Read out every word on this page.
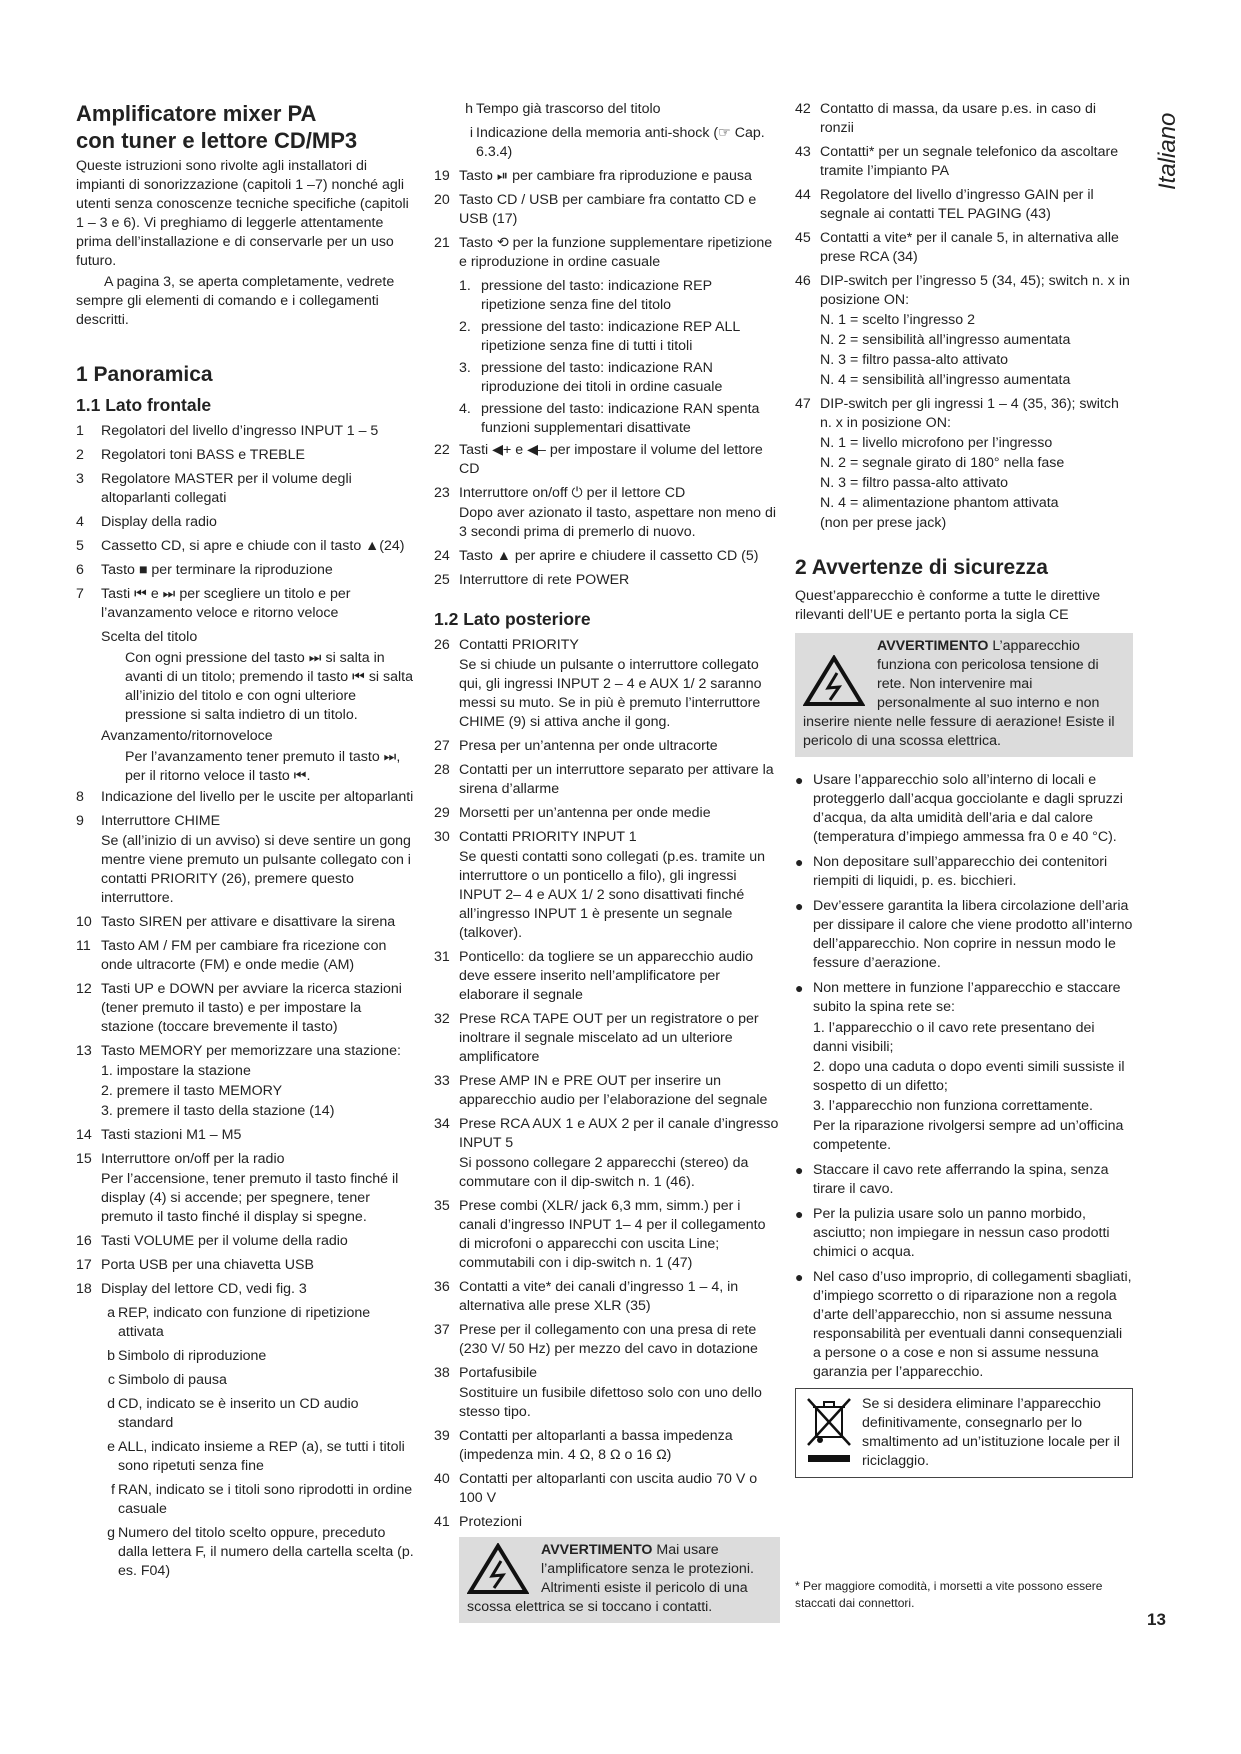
Italiano

Amplificatore mixer PA

con tuner e lettore CD/MP3

Queste istruzioni sono rivolte agli installatori di impianti di sonorizzazione (capitoli 1 –7) nonché agli utenti senza conoscenze tecniche specifiche (capitoli 1 – 3 e 6). Vi preghiamo di leggerle attentamente prima dell’installazione e di conservarle per un uso futuro.

A pagina 3, se aperta completamente, vedrete sempre gli elementi di comando e i collegamenti descritti.

1 Panoramica

1.1 Lato frontale

1	Regolatori del livello d’ingresso INPUT 1 – 5
2	Regolatori toni BASS e TREBLE
3	Regolatore MASTER per il volume degli altoparlanti collegati
4	Display della radio
5	Cassetto CD, si apre e chiude con il tasto ▲(24)
6	Tasto ■ per terminare la riproduzione
7	Tasti ⏮ e ⏭ per scegliere un titolo e per l’avanzamento veloce e ritorno veloce

Scelta del titolo

Con ogni pressione del tasto ⏭ si salta in avanti di un titolo; premendo il tasto ⏮ si salta all’inizio del titolo e con ogni ulteriore pressione si salta indietro di un titolo.

Avanzamento/ritornoveloce

Per l’avanzamento tener premuto il tasto ⏭, per il ritorno veloce il tasto ⏮.

8	Indicazione del livello per le uscite per altoparlanti
9	Interruttore CHIME

Se (all’inizio di un avviso) si deve sentire un gong mentre viene premuto un pulsante collegato con i contatti PRIORITY (26), premere questo interruttore.

10 Tasto SIREN per attivare e disattivare la sirena
11 Tasto AM / FM per cambiare fra ricezione con onde ultracorte (FM) e onde medie (AM)
12 Tasti UP e DOWN per avviare la ricerca stazioni (tener premuto il tasto) e per impostare la stazione (toccare brevemente il tasto)
13 Tasto MEMORY per memorizzare una stazione:

1. impostare la stazione

2. premere il tasto MEMORY

3. premere il tasto della stazione (14)

14 Tasti stazioni M1 – M5
15 Interruttore on/off per la radio

Per l’accensione, tener premuto il tasto finché il display (4) si accende; per spegnere, tener premuto il tasto finché il display si spegne.

16 Tasti VOLUME per il volume della radio
17 Porta USB per una chiavetta USB
18 Display del lettore CD, vedi fig. 3
a REP, indicato con funzione di ripetizione attivata
b Simbolo di riproduzione
c Simbolo di pausa
d CD, indicato se è inserito un CD audio standard
e ALL, indicato insieme a REP (a), se tutti i titoli sono ripetuti senza fine
f RAN, indicato se i titoli sono riprodotti in ordine casuale
g Numero del titolo scelto oppure, preceduto dalla lettera F, il numero della cartella scelta (p. es. F04)
h Tempo già trascorso del titolo
i Indicazione della memoria anti-shock (☞ Cap. 6.3.4)
19 Tasto ⏯ per cambiare fra riproduzione e pausa
20 Tasto CD / USB per cambiare fra contatto CD e USB (17)
21 Tasto ⟲ per la funzione supplementare ripetizione e riproduzione in ordine casuale
1. pressione del tasto: indicazione REP ripetizione senza fine del titolo
2. pressione del tasto: indicazione REP ALL ripetizione senza fine di tutti i titoli
3. pressione del tasto: indicazione RAN riproduzione dei titoli in ordine casuale
4. pressione del tasto: indicazione RAN spenta funzioni supplementari disattivate
22 Tasti ◀+ e ◀– per impostare il volume del lettore CD
23 Interruttore on/off ⏻ per il lettore CD

Dopo aver azionato il tasto, aspettare non meno di 3 secondi prima di premerlo di nuovo.

24 Tasto ▲ per aprire e chiudere il cassetto CD (5)
25 Interruttore di rete POWER

1.2 Lato posteriore

26 Contatti PRIORITY

Se si chiude un pulsante o interruttore collegato qui, gli ingressi INPUT 2 – 4 e AUX 1/ 2 saranno messi su muto. Se in più è premuto l’interruttore CHIME (9) si attiva anche il gong.

27 Presa per un’antenna per onde ultracorte
28 Contatti per un interruttore separato per attivare la sirena d’allarme
29 Morsetti per un’antenna per onde medie
30 Contatti PRIORITY INPUT 1

Se questi contatti sono collegati (p.es. tramite un interruttore o un ponticello a filo), gli ingressi INPUT 2– 4 e AUX 1/ 2 sono disattivati finché all’ingresso INPUT 1 è presente un segnale (talkover).

31 Ponticello: da togliere se un apparecchio audio deve essere inserito nell’amplificatore per elaborare il segnale
32 Prese RCA TAPE OUT per un registratore o per inoltrare il segnale miscelato ad un ulteriore amplificatore
33 Prese AMP IN e PRE OUT per inserire un apparecchio audio per l’elaborazione del segnale
34 Prese RCA AUX 1 e AUX 2 per il canale d’ingresso INPUT 5

Si possono collegare 2 apparecchi (stereo) da commutare con il dip-switch n. 1 (46).

35 Prese combi (XLR/ jack 6,3 mm, simm.) per i canali d’ingresso INPUT 1– 4 per il collegamento di microfoni o apparecchi con uscita Line; commutabili con i dip-switch n. 1 (47)
36 Contatti a vite* dei canali d’ingresso 1 – 4, in alternativa alle prese XLR (35)
37 Prese per il collegamento con una presa di rete (230 V/ 50 Hz) per mezzo del cavo in dotazione
38 Portafusibile

Sostituire un fusibile difettoso solo con uno dello stesso tipo.

39 Contatti per altoparlanti a bassa impedenza (impedenza min. 4 Ω, 8 Ω o 16 Ω)
40 Contatti per altoparlanti con uscita audio 70 V o 100 V
41 Protezioni
AVVERTIMENTO Mai usare l’amplificatore senza le protezioni. Altrimenti esiste il pericolo di una scossa elettrica se si toccano i contatti.
42 Contatto di massa, da usare p.es. in caso di ronzii
43 Contatti* per un segnale telefonico da ascoltare tramite l’impianto PA
44 Regolatore del livello d’ingresso GAIN per il segnale ai contatti TEL PAGING (43)
45 Contatti a vite* per il canale 5, in alternativa alle prese RCA (34)
46 DIP-switch per l’ingresso 5 (34, 45); switch n. x in posizione ON:

N. 1 = scelto l’ingresso 2

N. 2 = sensibilità all’ingresso aumentata

N. 3 = filtro passa-alto attivato

N. 4 = sensibilità all’ingresso aumentata

47 DIP-switch per gli ingressi 1 – 4 (35, 36); switch n. x in posizione ON:

N. 1 = livello microfono per l’ingresso

N. 2 = segnale girato di 180° nella fase

N. 3 = filtro passa-alto attivato

N. 4 = alimentazione phantom attivata

(non per prese jack)

2 Avvertenze di sicurezza

Quest’apparecchio è conforme a tutte le direttive rilevanti dell’UE e pertanto porta la sigla CE

AVVERTIMENTO L’apparecchio funziona con pericolosa tensione di rete. Non intervenire mai personalmente al suo interno e non inserire niente nelle fessure di aerazione! Esiste il pericolo di una scossa elettrica.
● Usare l’apparecchio solo all’interno di locali e proteggerlo dall’acqua gocciolante e dagli spruzzi d’acqua, da alta umidità dell’aria e dal calore (temperatura d’impiego ammessa fra 0 e 40 °C).
● Non depositare sull’apparecchio dei contenitori riempiti di liquidi, p. es. bicchieri.
● Dev’essere garantita la libera circolazione dell’aria per dissipare il calore che viene prodotto all’interno dell’apparecchio. Non coprire in nessun modo le fessure d’aerazione.
● Non mettere in funzione l’apparecchio e staccare subito la spina rete se:

1. l’apparecchio o il cavo rete presentano dei danni visibili;

2. dopo una caduta o dopo eventi simili sussiste il sospetto di un difetto;

3. l’apparecchio non funziona correttamente.

Per la riparazione rivolgersi sempre ad un’officina competente.

● Staccare il cavo rete afferrando la spina, senza tirare il cavo.
● Per la pulizia usare solo un panno morbido, asciutto; non impiegare in nessun caso prodotti chimici o acqua.
● Nel caso d’uso improprio, di collegamenti sbagliati, d’impiego scorretto o di riparazione non a regola d’arte dell’apparecchio, non si assume nessuna responsabilità per eventuali danni consequenziali a persone o a cose e non si assume nessuna garanzia per l’apparecchio.
Se si desidera eliminare l’apparecchio definitivamente, consegnarlo per lo smaltimento ad un’istituzione locale per il riciclaggio.
* Per maggiore comodità, i morsetti a vite possono essere staccati dai connettori.
13
